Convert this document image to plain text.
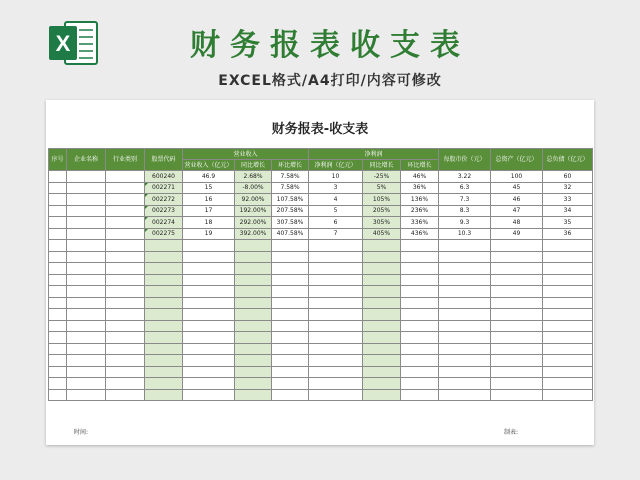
X	财务报表收支表
EXCEL格式/A4打印/内容可修改
财务报表-收支表
序号	企业名称	行业类别	股票代码	营业收入			净利润			每股市价（元）	总资产（亿元）	总负债（亿元）
				营业收入（亿元）	同比增长	环比增长	净利润（亿元）	同比增长	环比增长			
			600240	46.9	2.68%	7.58%	10	-25%	46%	3.22	100	60
			002271	15	-8.00%	7.58%	3	5%	36%	6.3	45	32
			002272	16	92.00%	107.58%	4	105%	136%	7.3	46	33
			002273	17	192.00%	207.58%	5	205%	236%	8.3	47	34
			002274	18	292.00%	307.58%	6	305%	336%	9.3	48	35
			002275	19	392.00%	407.58%	7	405%	436%	10.3	49	36

时间:	制表:
